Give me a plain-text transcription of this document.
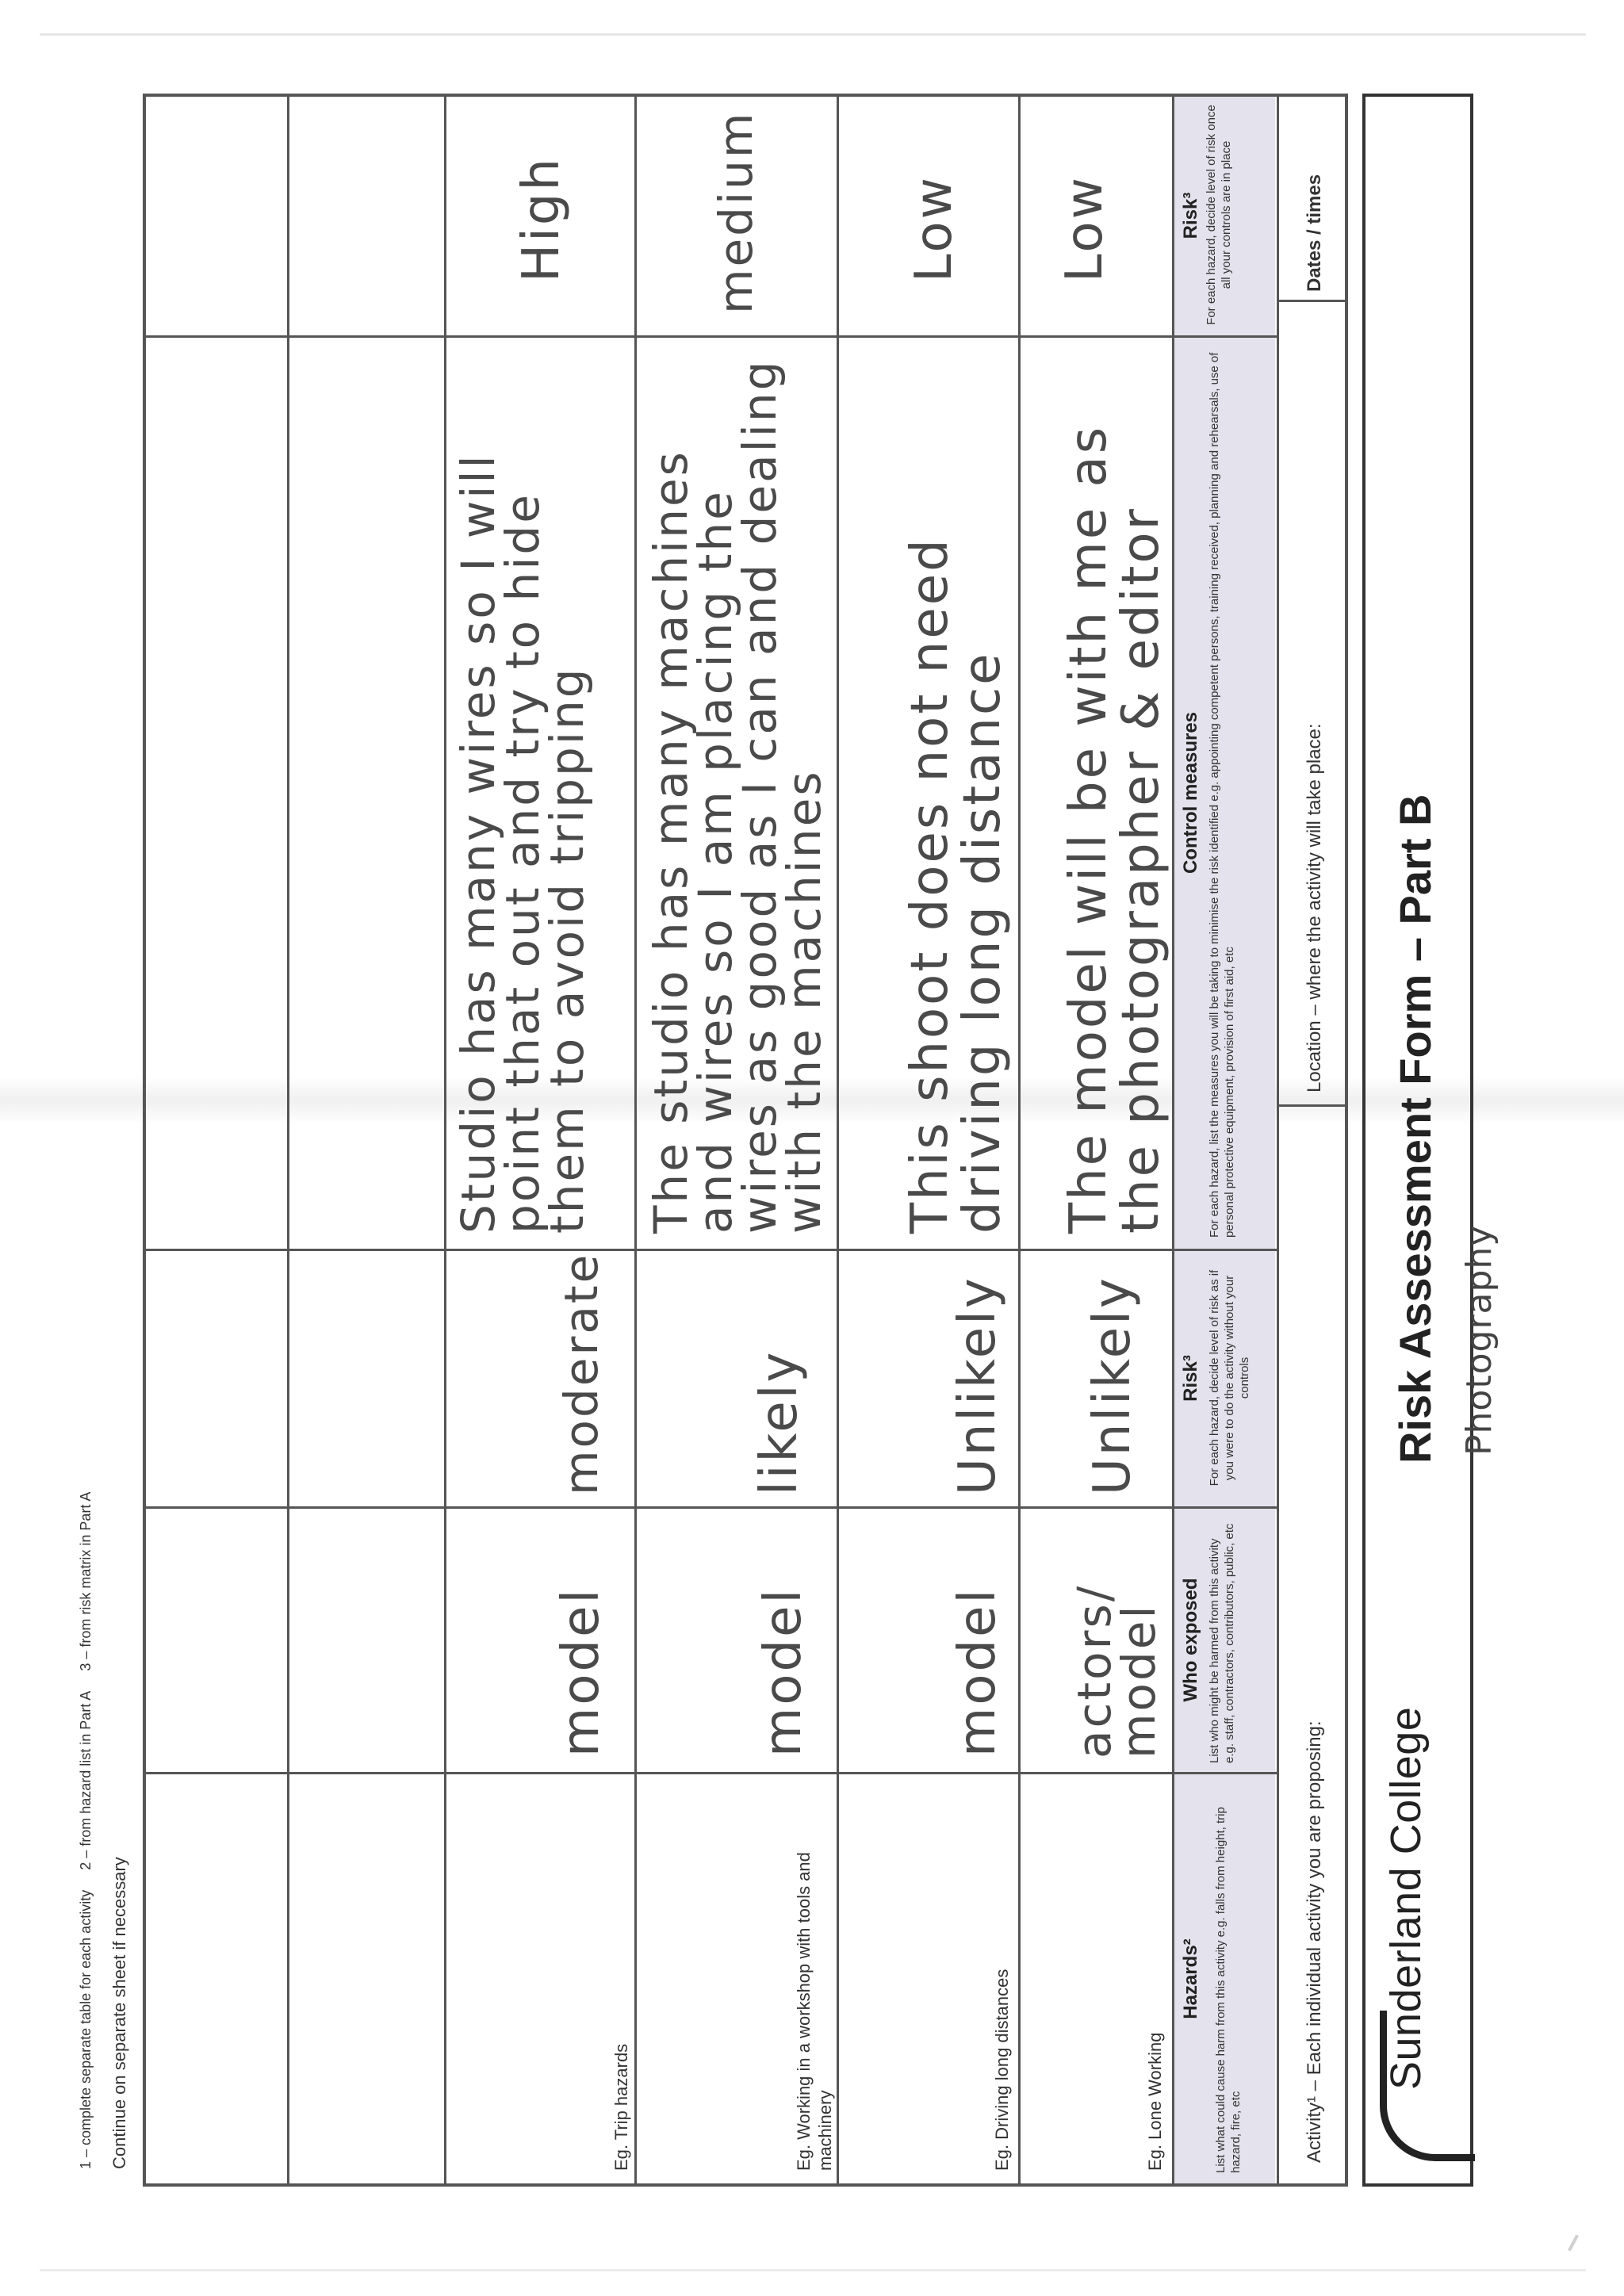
Sunderland College
Risk Assessment Form – Part B Photography
Activity¹ – Each individual activity you are proposing:
Location – where the activity will take place:
Dates / times
Hazards² List what could cause harm from this activity e.g. falls from height, trip hazard, fire, etc
Who exposed List who might be harmed from this activity e.g. staff, contractors, contributors, public, etc
Risk³ For each hazard, decide level of risk as if you were to do the activity without your controls
Control measures For each hazard, list the measures you will be taking to minimise the risk identified e.g. appointing competent persons, training received, planning and rehearsals, use of personal protective equipment, provision of first aid, etc
Risk³ For each hazard, decide level of risk once all your controls are in place
Eg. Lone Working
actors/ model
Unlikely
The model will be with me as the photographer & editor
Low
Eg. Driving long distances
model
Unlikely
This shoot does not need driving long distance
Low
Eg. Working in a workshop with tools and machinery
model
likely
The studio has many machines and wires so I am placing the wires as good as I can and dealing with the machines
medium
Eg. Trip hazards
model
moderate
Studio has many wires so I will point that out and try to hide them to avoid tripping
High
Continue on separate sheet if necessary
1 – complete separate table for each activity     2 – from hazard list in Part A     3 – from risk matrix in Part A
